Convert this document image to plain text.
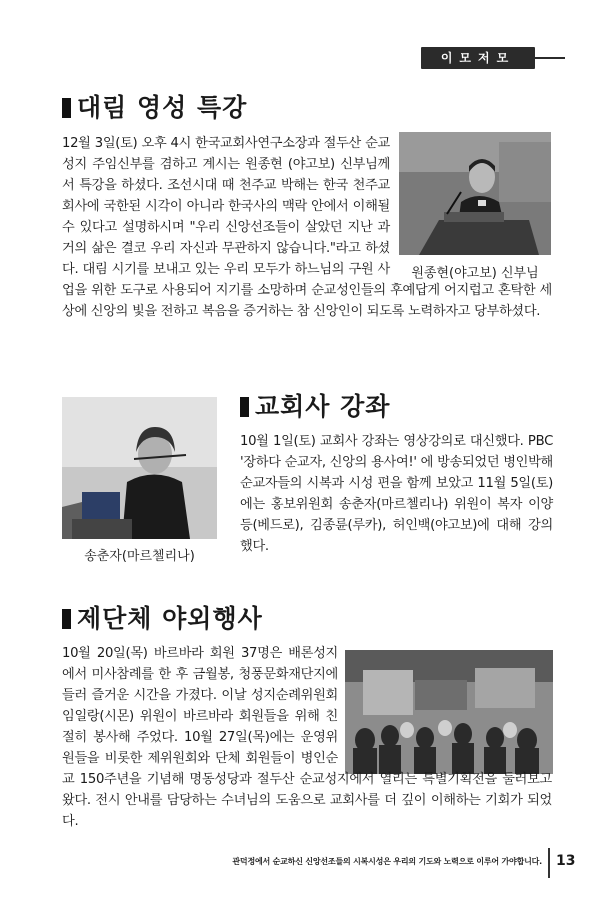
이모저모
대림 영성 특강
원종현(야고보) 신부님
12월 3일(토) 오후 4시 한국교회사연구소장과 절두산 순교성지 주임신부를 겸하고 계시는 원종현 (야고보) 신부님께서 특강을 하셨다. 조선시대 때 천주교 박해는 한국 천주교회사에 국한된 시각이 아니라 한국사의 맥락 안에서 이해될 수 있다고 설명하시며 "우리 신앙선조들이 살았던 지난 과거의 삶은 결코 우리 자신과 무관하지 않습니다."라고 하셨다. 대림 시기를 보내고 있는 우리 모두가 하느님의 구원 사업을 위한 도구로 사용되어 지기를 소망하며 순교성인들의 후예답게 어지럽고 혼탁한 세상에 신앙의 빛을 전하고 복음을 증거하는 참 신앙인이 되도록 노력하자고 당부하셨다.
송춘자(마르첼리나)
교회사 강좌
10월 1일(토) 교회사 강좌는 영상강의로 대신했다. PBC '장하다 순교자, 신앙의 용사여!' 에 방송되었던 병인박해 순교자들의 시복과 시성 편을 함께 보았고 11월 5일(토)에는 홍보위원회 송춘자(마르첼리나) 위원이 복자 이양등(베드로), 김종륜(루카), 허인백(야고보)에 대해 강의했다.
제단체 야외행사
10월 20일(목) 바르바라 회원 37명은 배론성지에서 미사참례를 한 후 금월봉, 청풍문화재단지에 들러 즐거운 시간을 가졌다. 이날 성지순례위원회 임일랑(시몬) 위원이 바르바라 회원들을 위해 친절히 봉사해 주었다. 10월 27일(목)에는 운영위원들을 비롯한 제위원회와 단체 회원들이 병인순교 150주년을 기념해 명동성당과 절두산 순교성지에서 열리는 특별기획전을 둘러보고 왔다. 전시 안내를 담당하는 수녀님의 도움으로 교회사를 더 깊이 이해하는 기회가 되었다.
관덕정에서 순교하신 신앙선조들의 시복시성은 우리의 기도와 노력으로 이루어 가야합니다. 13
